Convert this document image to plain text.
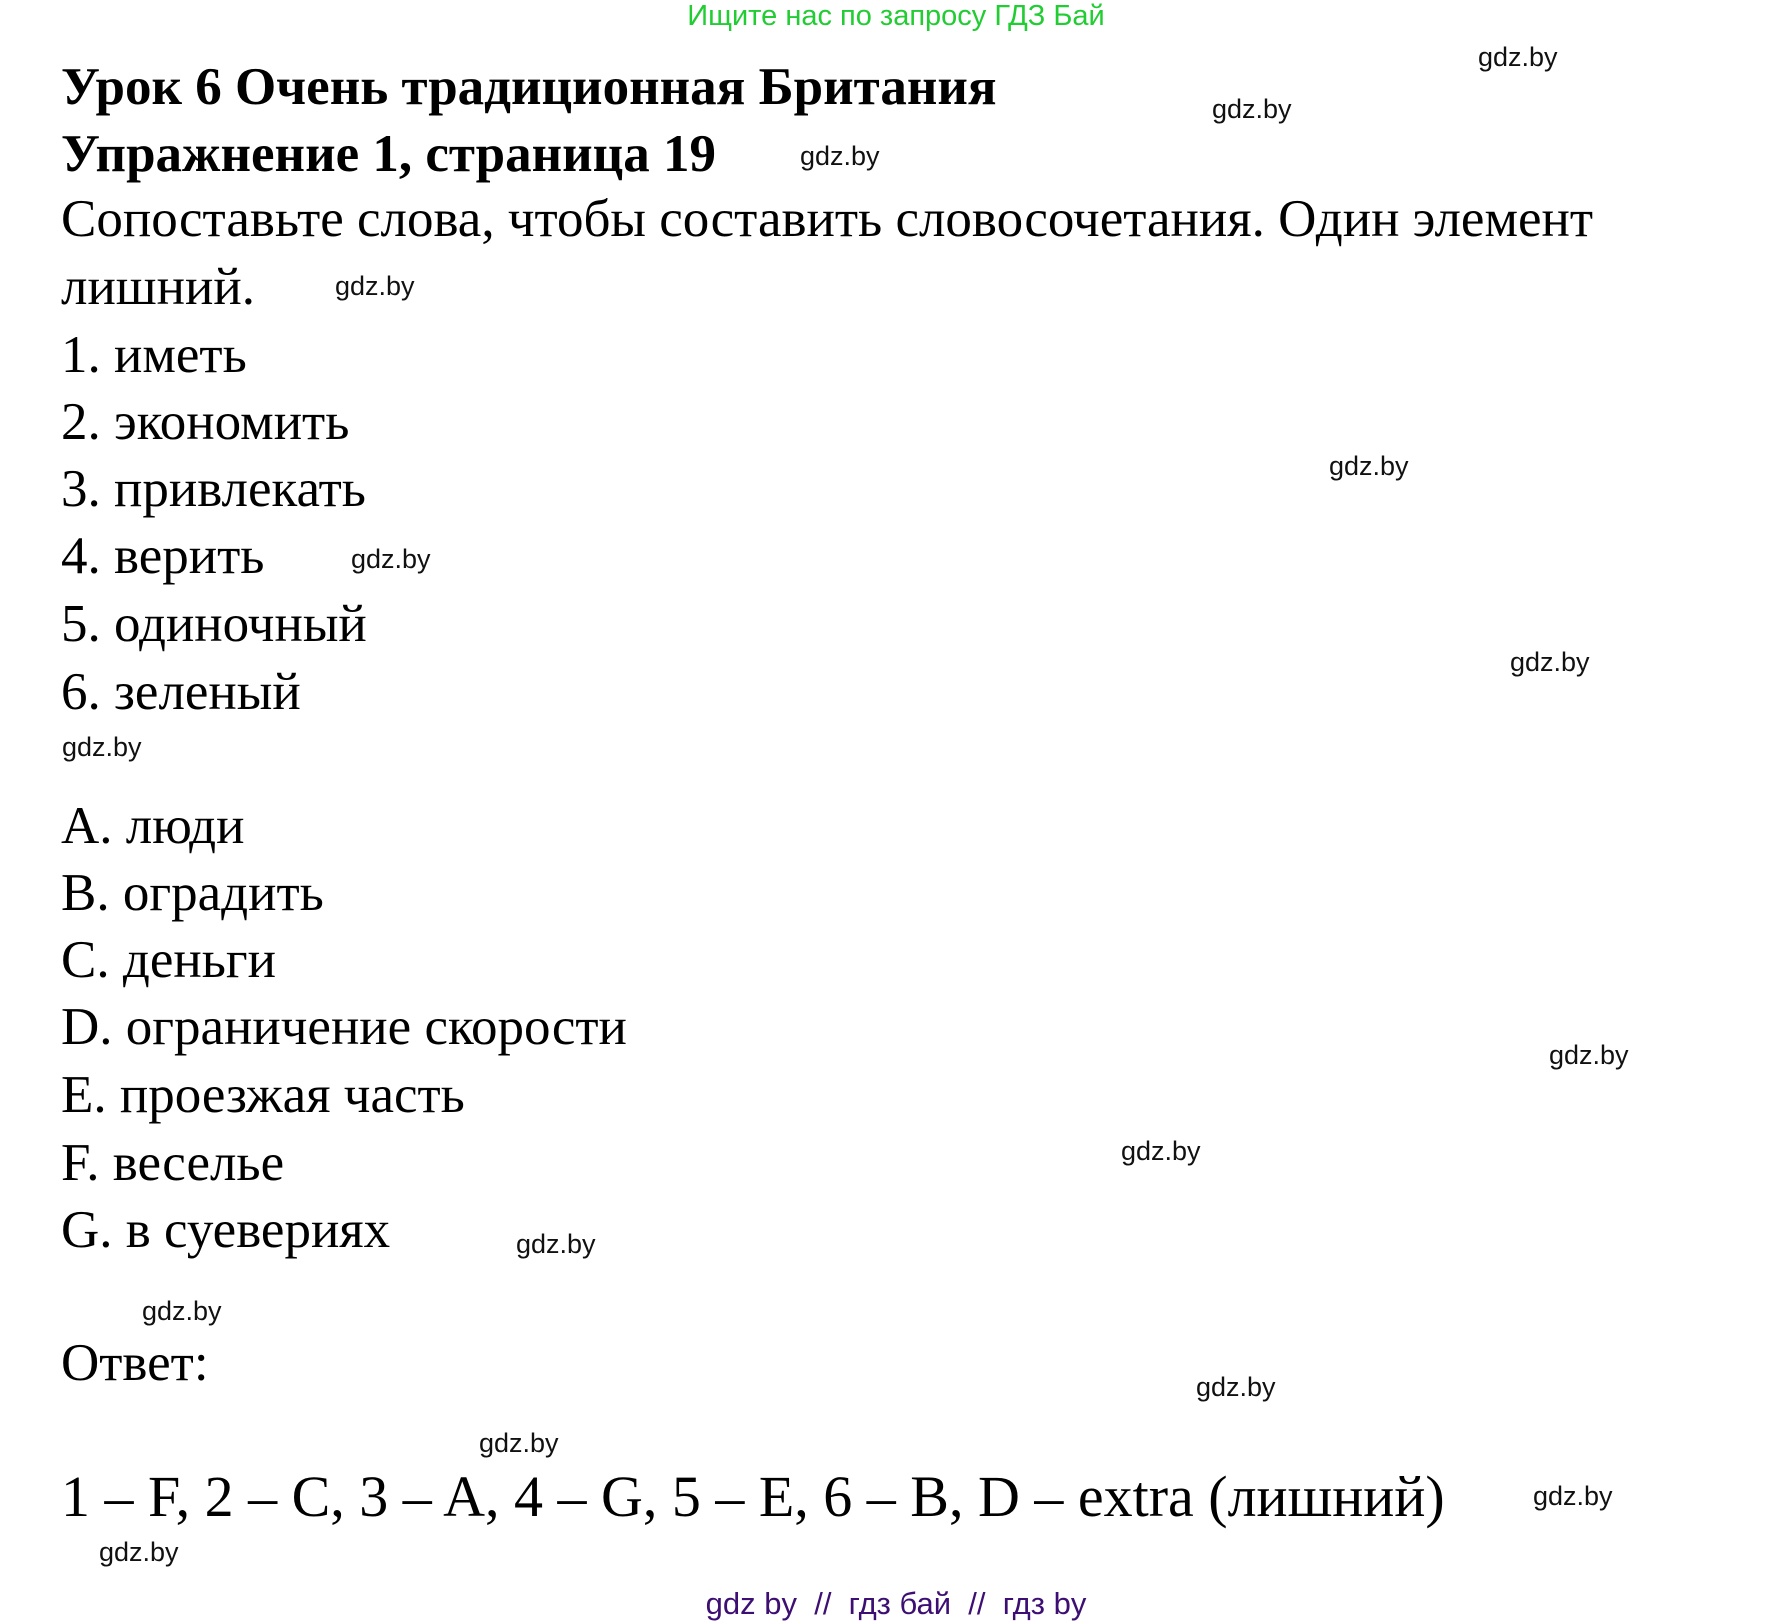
Ищите нас по запросу ГДЗ Бай
Урок 6 Очень традиционная Британия
Упражнение 1, страница 19
Сопоставьте слова, чтобы составить словосочетания. Один элемент
лишний.
1. иметь
2. экономить
3. привлекать
4. верить
5. одиночный
6. зеленый
A. люди
B. оградить
C. деньги
D. ограничение скорости
E. проезжая часть
F. веселье
G. в суевериях
Ответ:
1 – F, 2 – C, 3 – A, 4 – G, 5 – E, 6 – B, D – extra (лишний)
gdz.by
gdz.by
gdz.by
gdz.by
gdz.by
gdz.by
gdz.by
gdz.by
gdz.by
gdz.by
gdz.by
gdz.by
gdz.by
gdz.by
gdz.by
gdz.by
gdz by  //  гдз бай  //  гдз by
